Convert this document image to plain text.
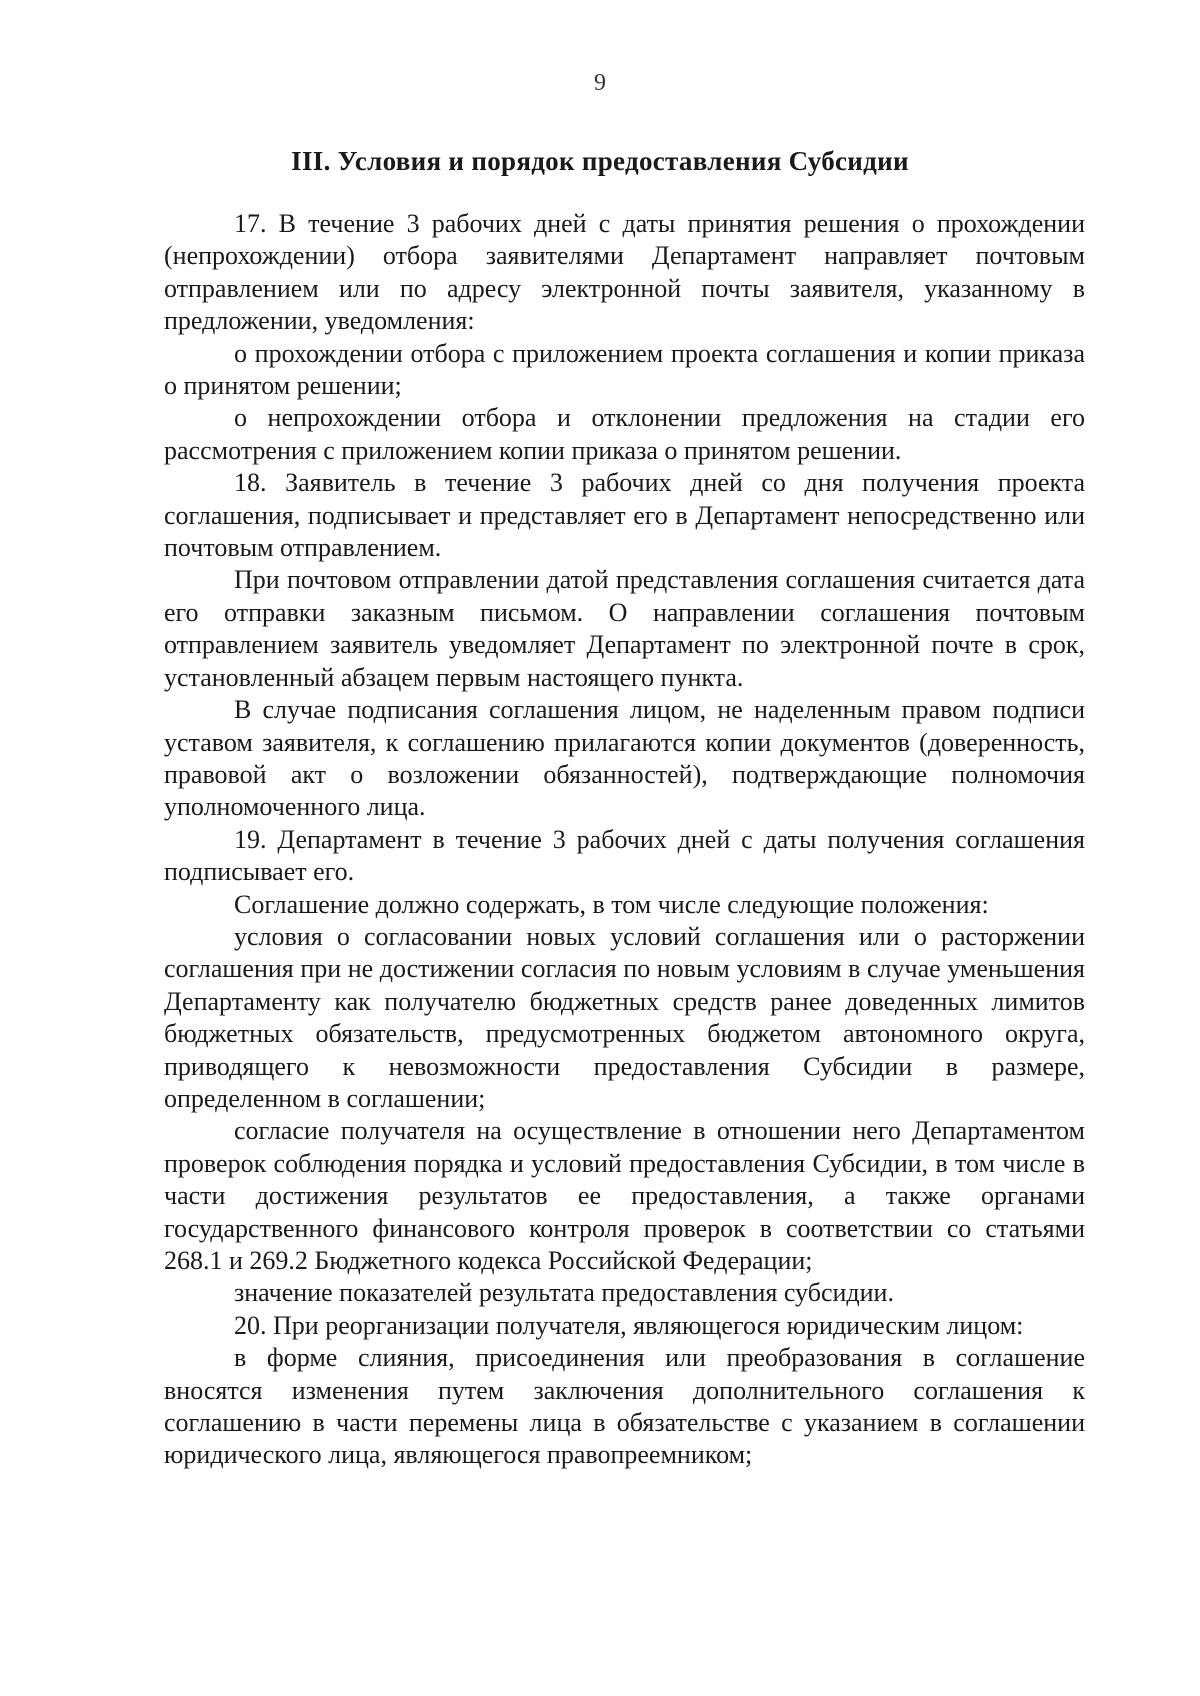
9
III. Условия и порядок предоставления Субсидии

17. В течение 3 рабочих дней с даты принятия решения о прохождении (непрохождении) отбора заявителями Департамент направляет почтовым отправлением или по адресу электронной почты заявителя, указанному в предложении, уведомления:

о прохождении отбора с приложением проекта соглашения и копии приказа о принятом решении;

о непрохождении отбора и отклонении предложения на стадии его рассмотрения с приложением копии приказа о принятом решении.

18. Заявитель в течение 3 рабочих дней со дня получения проекта соглашения, подписывает и представляет его в Департамент непосредственно или почтовым отправлением.

При почтовом отправлении датой представления соглашения считается дата его отправки заказным письмом. О направлении соглашения почтовым отправлением заявитель уведомляет Департамент по электронной почте в срок, установленный абзацем первым настоящего пункта.

В случае подписания соглашения лицом, не наделенным правом подписи уставом заявителя, к соглашению прилагаются копии документов (доверенность, правовой акт о возложении обязанностей), подтверждающие полномочия уполномоченного лица.

19. Департамент в течение 3 рабочих дней с даты получения соглашения подписывает его.

Соглашение должно содержать, в том числе следующие положения:

условия о согласовании новых условий соглашения или о расторжении соглашения при не достижении согласия по новым условиям в случае уменьшения Департаменту как получателю бюджетных средств ранее доведенных лимитов бюджетных обязательств, предусмотренных бюджетом автономного округа, приводящего к невозможности предоставления Субсидии в размере, определенном в соглашении;

согласие получателя на осуществление в отношении него Департаментом проверок соблюдения порядка и условий предоставления Субсидии, в том числе в части достижения результатов ее предоставления, а также органами государственного финансового контроля проверок в соответствии со статьями 268.1 и 269.2 Бюджетного кодекса Российской Федерации;

значение показателей результата предоставления субсидии.

20. При реорганизации получателя, являющегося юридическим лицом:

в форме слияния, присоединения или преобразования в соглашение вносятся изменения путем заключения дополнительного соглашения к соглашению в части перемены лица в обязательстве с указанием в соглашении юридического лица, являющегося правопреемником;
